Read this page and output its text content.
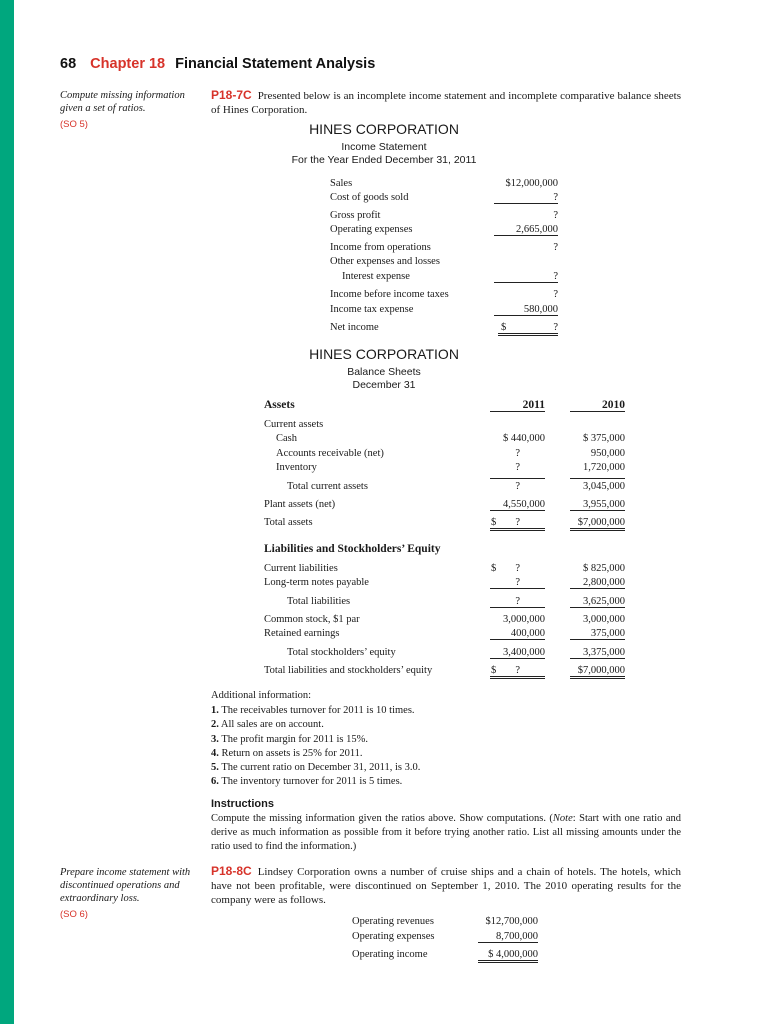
68 Chapter 18 Financial Statement Analysis
Compute missing information given a set of ratios.
(SO 5)
P18-7C Presented below is an incomplete income statement and incomplete comparative balance sheets of Hines Corporation.
HINES CORPORATION
Income Statement
For the Year Ended December 31, 2011
Sales	$12,000,000
Cost of goods sold	?
Gross profit	?
Operating expenses	2,665,000
Income from operations	?
Other expenses and losses
Interest expense	?
Income before income taxes	?
Income tax expense	580,000
Net income	$	?
HINES CORPORATION
Balance Sheets
December 31
Assets	2011	2010
Current assets
Cash	$ 440,000	$ 375,000
Accounts receivable (net)	?	950,000
Inventory	?	1,720,000
Total current assets	?	3,045,000
Plant assets (net)	4,550,000	3,955,000
Total assets	$ ?	$7,000,000
Liabilities and Stockholders’ Equity
Current liabilities	$ ?	$ 825,000
Long-term notes payable	?	2,800,000
Total liabilities	?	3,625,000
Common stock, $1 par	3,000,000	3,000,000
Retained earnings	400,000	375,000
Total stockholders’ equity	3,400,000	3,375,000
Total liabilities and stockholders’ equity	$ ?	$7,000,000
Additional information:
1. The receivables turnover for 2011 is 10 times.
2. All sales are on account.
3. The profit margin for 2011 is 15%.
4. Return on assets is 25% for 2011.
5. The current ratio on December 31, 2011, is 3.0.
6. The inventory turnover for 2011 is 5 times.
Instructions
Compute the missing information given the ratios above. Show computations. (Note: Start with one ratio and derive as much information as possible from it before trying another ratio. List all missing amounts under the ratio used to find the information.)
Prepare income statement with discontinued operations and extraordinary loss.
(SO 6)
P18-8C Lindsey Corporation owns a number of cruise ships and a chain of hotels. The hotels, which have not been profitable, were discontinued on September 1, 2010. The 2010 operating results for the company were as follows.
Operating revenues	$12,700,000
Operating expenses	8,700,000
Operating income	$ 4,000,000
